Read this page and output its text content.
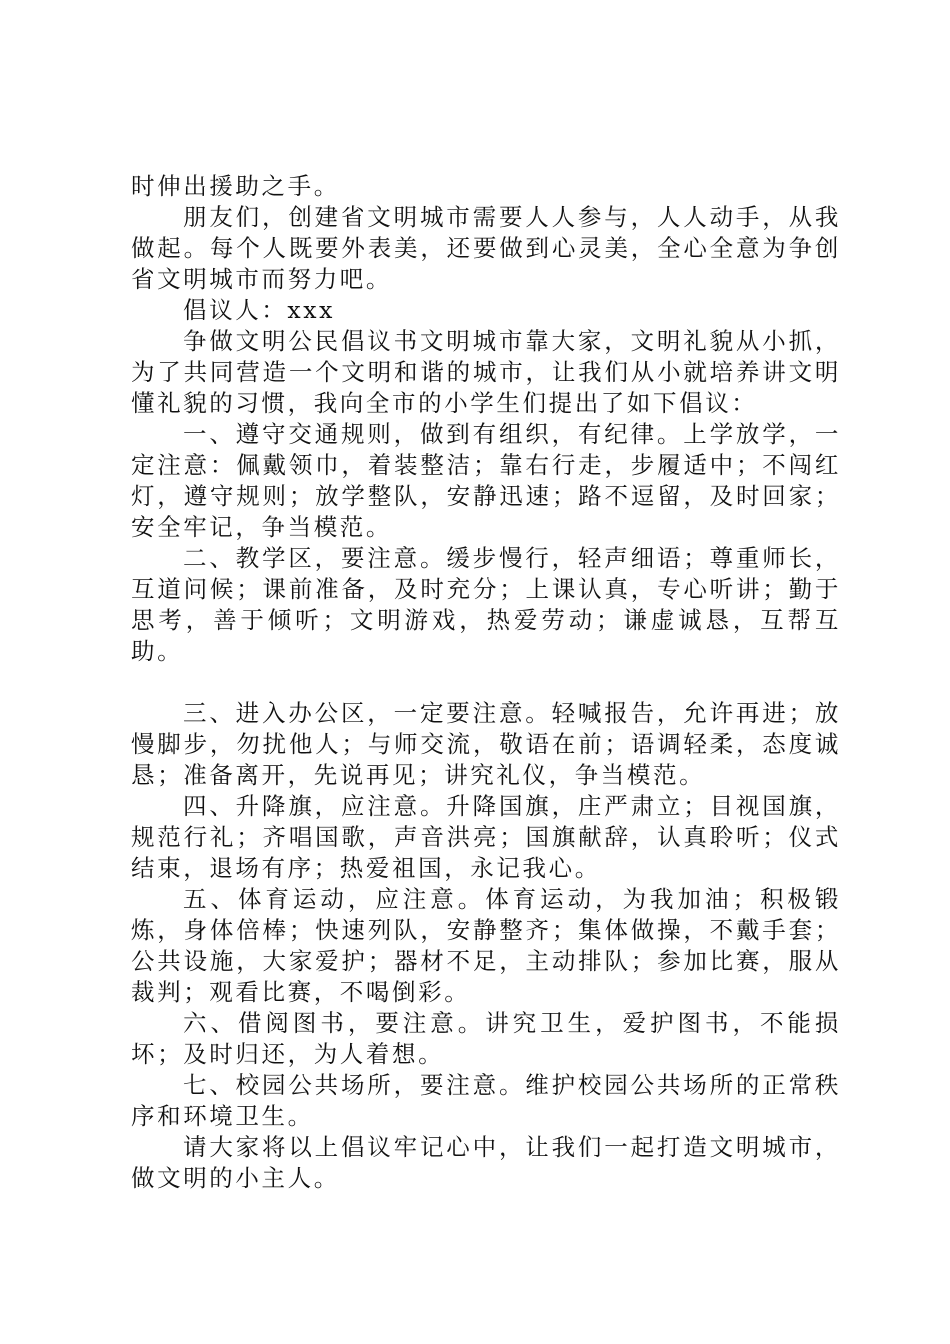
时伸出援助之手。

朋友们，创建省文明城市需要人人参与，人人动手，从我做起。每个人既要外表美，还要做到心灵美，全心全意为争创省文明城市而努力吧。

倡议人：xxx

争做文明公民倡议书文明城市靠大家，文明礼貌从小抓，为了共同营造一个文明和谐的城市，让我们从小就培养讲文明懂礼貌的习惯，我向全市的小学生们提出了如下倡议：

一、遵守交通规则，做到有组织，有纪律。上学放学，一定注意：佩戴领巾，着装整洁；靠右行走，步履适中；不闯红灯，遵守规则；放学整队，安静迅速；路不逗留，及时回家；安全牢记，争当模范。

二、教学区，要注意。缓步慢行，轻声细语；尊重师长，互道问候；课前准备，及时充分；上课认真，专心听讲；勤于思考，善于倾听；文明游戏，热爱劳动；谦虚诚恳，互帮互助。

三、进入办公区，一定要注意。轻喊报告，允许再进；放慢脚步，勿扰他人；与师交流，敬语在前；语调轻柔，态度诚恳；准备离开，先说再见；讲究礼仪，争当模范。

四、升降旗，应注意。升降国旗，庄严肃立；目视国旗，规范行礼；齐唱国歌，声音洪亮；国旗献辞，认真聆听；仪式结束，退场有序；热爱祖国，永记我心。

五、体育运动，应注意。体育运动，为我加油；积极锻炼，身体倍棒；快速列队，安静整齐；集体做操，不戴手套；公共设施，大家爱护；器材不足，主动排队；参加比赛，服从裁判；观看比赛，不喝倒彩。

六、借阅图书，要注意。讲究卫生，爱护图书，不能损坏；及时归还，为人着想。

七、校园公共场所，要注意。维护校园公共场所的正常秩序和环境卫生。

请大家将以上倡议牢记心中，让我们一起打造文明城市，做文明的小主人。
